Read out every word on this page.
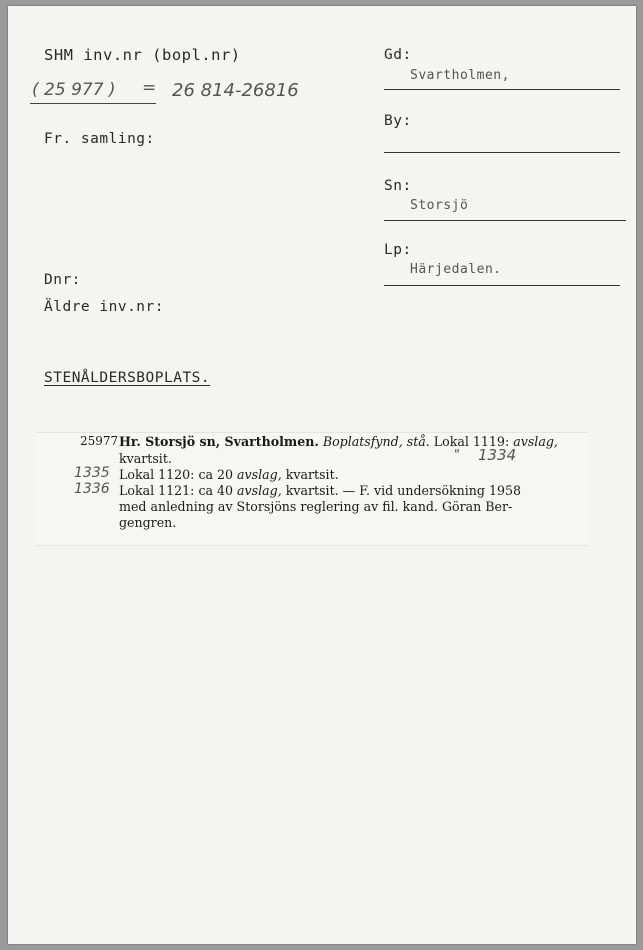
SHM inv.nr (bopl.nr)
( 25 977 ) = 26 814-26816
Fr. samling:
Dnr:
Äldre inv.nr:
Gd:
Svartholmen,
By:
Sn:
Storsjö
Lp:
Härjedalen.
STENÅLDERSBOPLATS.
25977 Hr. Storsjö sn, Svartholmen. Boplatsfynd, stå. Lokal 1119: avslag,
kvartsit.	" 1334
1335 Lokal 1120: ca 20 avslag, kvartsit.
1336 Lokal 1121: ca 40 avslag, kvartsit. — F. vid undersökning 1958
med anledning av Storsjöns reglering av fil. kand. Göran Ber-
gengren.
